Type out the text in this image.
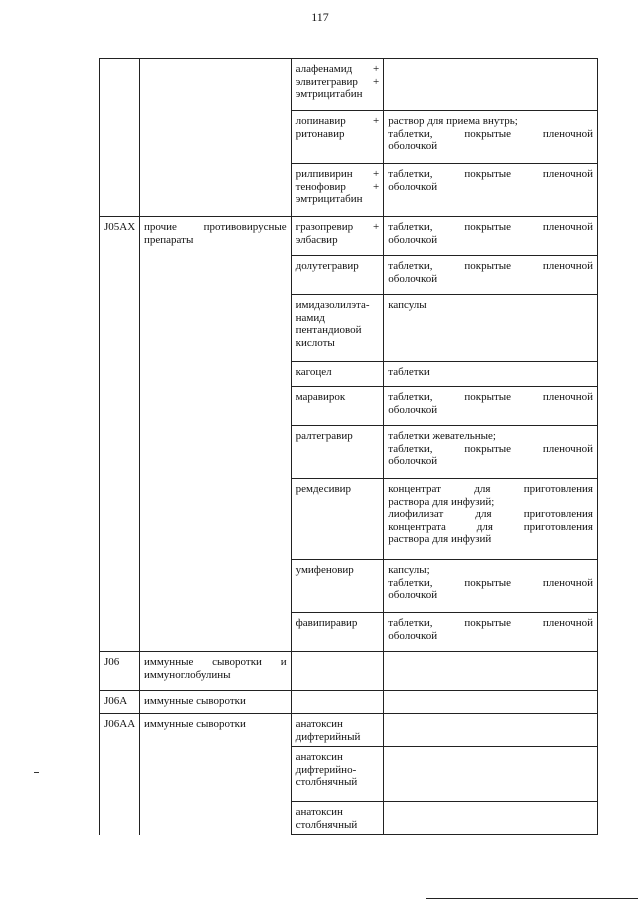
117

		алафенамид +
элвитегравир +
эмтрицитабин	

		лопинавир +
ритонавир	раствор для приема внутрь;
таблетки, покрытые пленочной
оболочкой

		рилпивирин +
тенофовир +
эмтрицитабин	таблетки, покрытые пленочной
оболочкой

J05AX	прочие противовирусные препараты	гразопревир +
элбасвир	таблетки, покрытые пленочной
оболочкой

		долутегравир	таблетки, покрытые пленочной
оболочкой

		имидазолилэта-
намид
пентандиовой
кислоты	капсулы

		кагоцел	таблетки

		маравирок	таблетки, покрытые пленочной
оболочкой

		ралтегравир	таблетки жевательные;
таблетки, покрытые пленочной
оболочкой

		ремдесивир	концентрат для приготовления
раствора для инфузий;
лиофилизат для приготовления
концентрата для приготовления
раствора для инфузий

		умифеновир	капсулы;
таблетки, покрытые пленочной
оболочкой

		фавипиравир	таблетки, покрытые пленочной
оболочкой

J06	иммунные сыворотки и иммуноглобулины		
J06A	иммунные сыворотки		
J06AA	иммунные сыворотки	анатоксин
дифтерийный	

		анатоксин
дифтерийно-
столбнячный	

		анатоксин
столбнячный	
